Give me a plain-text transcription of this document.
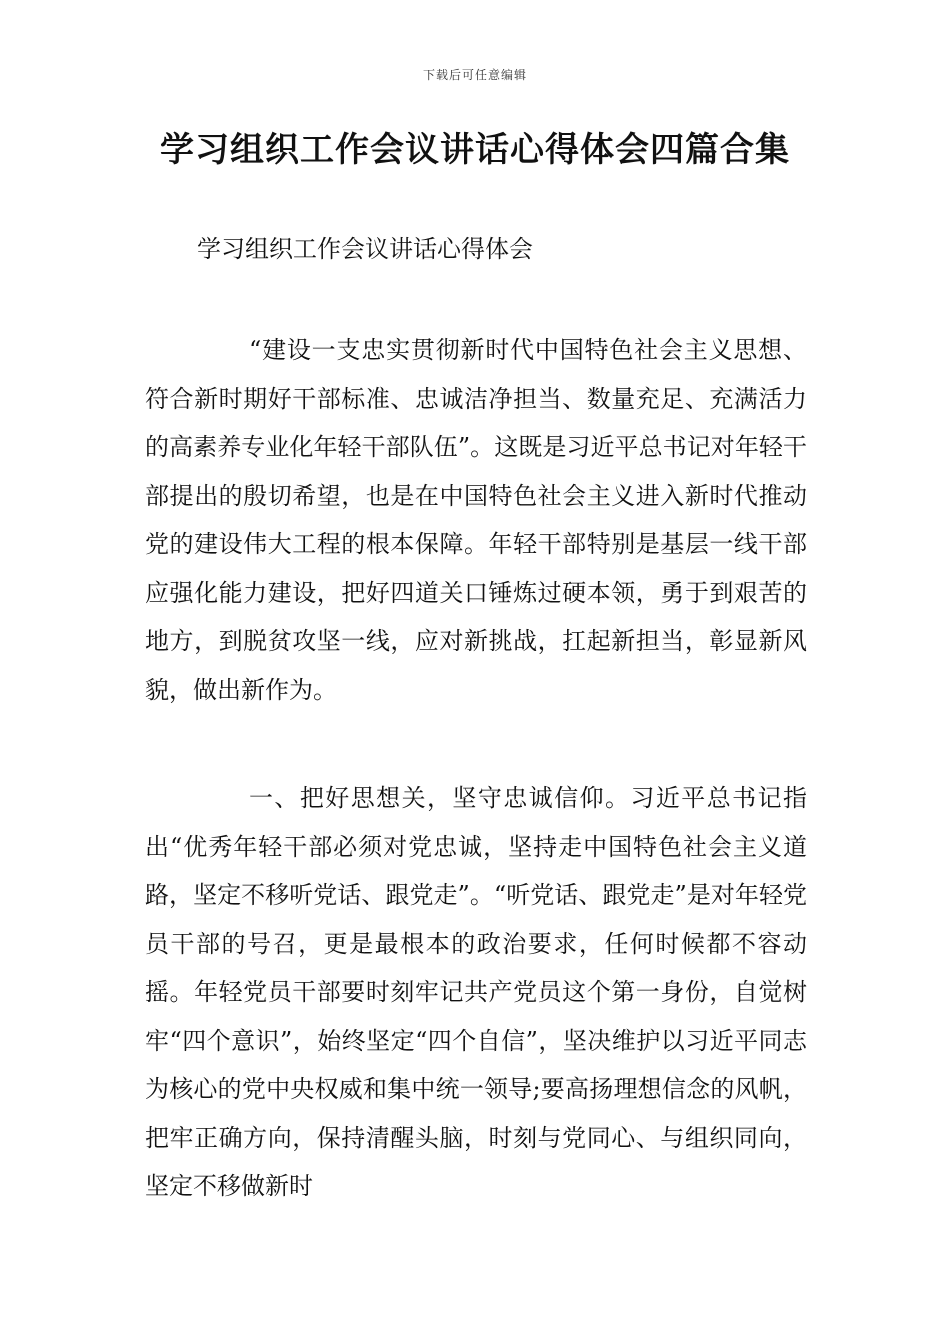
下载后可任意编辑
学习组织工作会议讲话心得体会四篇合集

学习组织工作会议讲话心得体会

“建设一支忠实贯彻新时代中国特色社会主义思想、符合新时期好干部标准、忠诚洁净担当、数量充足、充满活力的高素养专业化年轻干部队伍”。这既是习近平总书记对年轻干部提出的殷切希望，也是在中国特色社会主义进入新时代推动党的建设伟大工程的根本保障。年轻干部特别是基层一线干部应强化能力建设，把好四道关口锤炼过硬本领，勇于到艰苦的地方，到脱贫攻坚一线，应对新挑战，扛起新担当，彰显新风貌，做出新作为。

一、把好思想关，坚守忠诚信仰。习近平总书记指出“优秀年轻干部必须对党忠诚，坚持走中国特色社会主义道路，坚定不移听党话、跟党走”。“听党话、跟党走”是对年轻党员干部的号召，更是最根本的政治要求，任何时候都不容动摇。年轻党员干部要时刻牢记共产党员这个第一身份，自觉树牢“四个意识”，始终坚定“四个自信”，坚决维护以习近平同志为核心的党中央权威和集中统一领导;要高扬理想信念的风帆，把牢正确方向，保持清醒头脑，时刻与党同心、与组织同向，坚定不移做新时
